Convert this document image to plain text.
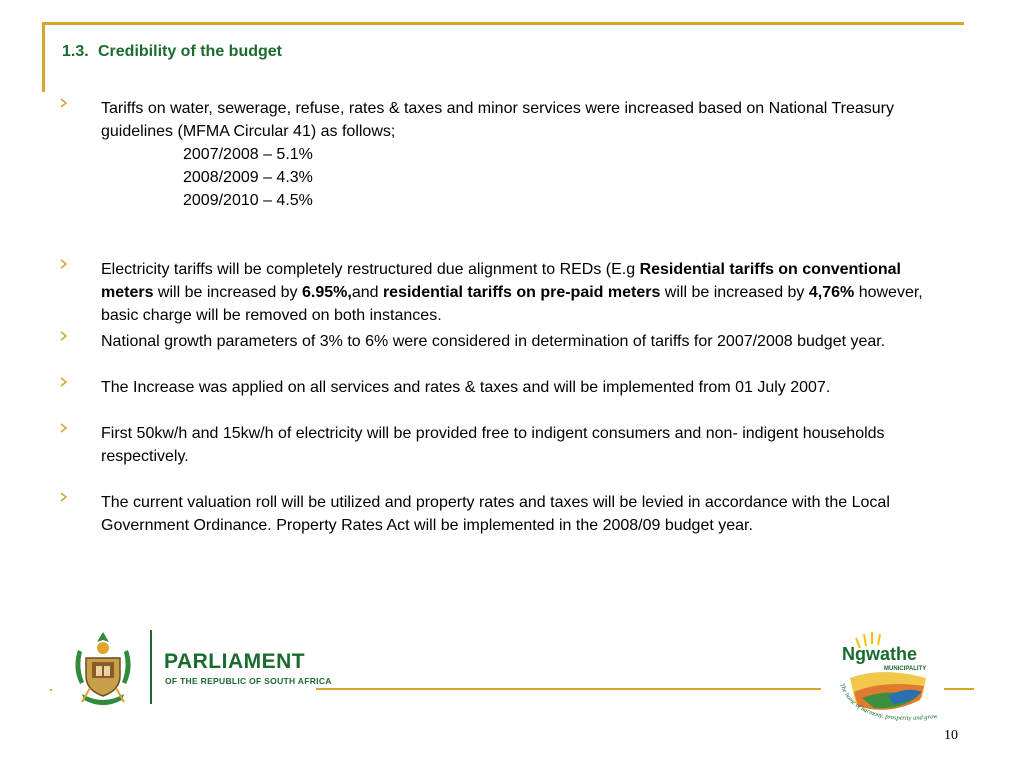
1.3. Credibility of the budget
Tariffs on water, sewerage, refuse, rates & taxes and minor services were increased based on National Treasury guidelines (MFMA Circular 41) as follows;
2007/2008 – 5.1%
2008/2009 – 4.3%
2009/2010 – 4.5%
Electricity tariffs will be completely restructured due alignment to REDs (E.g Residential tariffs on conventional meters will be increased by 6.95%,and residential tariffs on pre-paid meters will be increased by 4,76% however, basic charge will be removed on both instances.
National growth parameters of 3% to 6% were considered in determination of tariffs for 2007/2008 budget year.
The Increase was applied on all services and rates & taxes and will be implemented from 01 July 2007.
First 50kw/h and 15kw/h of electricity will be provided free to indigent consumers and non- indigent households respectively.
The current valuation roll will be utilized and property rates and taxes will be levied in accordance with the Local Government Ordinance. Property Rates Act will be implemented in the 2008/09 budget year.
PARLIAMENT
OF THE REPUBLIC OF SOUTH AFRICA
Ngwathe
MUNICIPALITY
The home of harmony, prosperity and grow
10
